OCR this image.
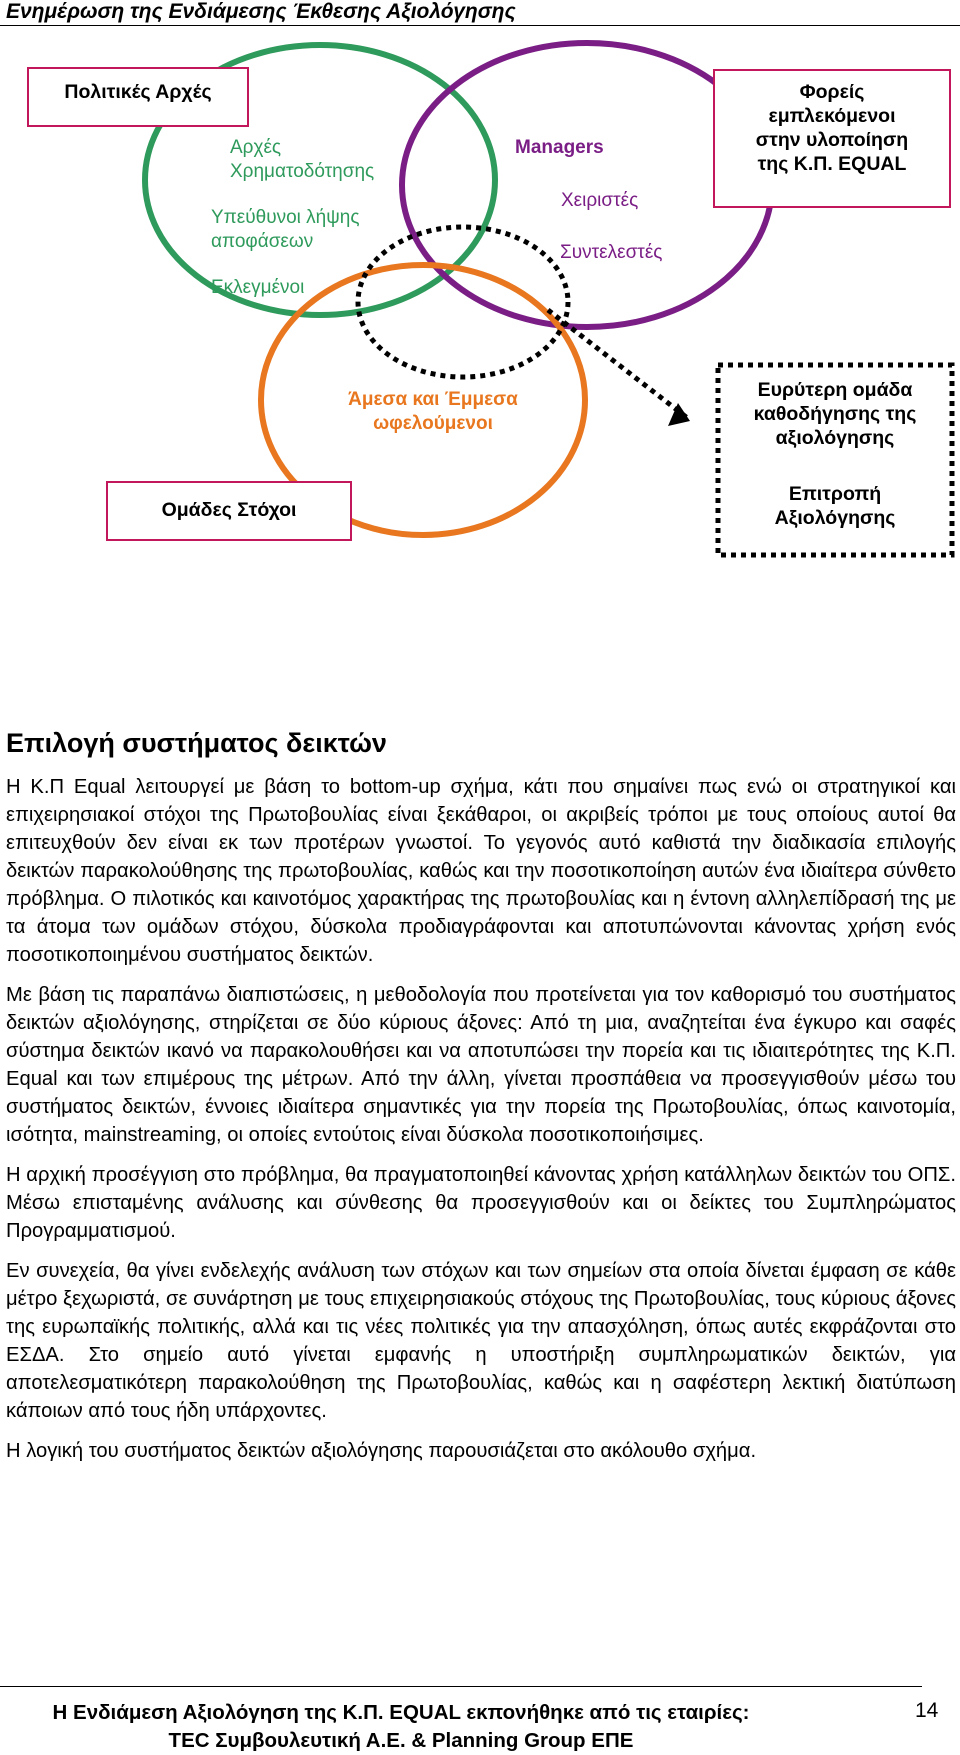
Ενημέρωση της Ενδιάμεσης Έκθεσης Αξιολόγησης
Πολιτικές Αρχές	Φορείς
εμπλεκόμενοι
στην υλοποίηση
της Κ.Π. EQUAL
Ομάδες Στόχοι
Ευρύτερη ομάδα
καθοδήγησης της
αξιολόγησης
Επιτροπή
Αξιολόγησης
Αρχές
Χρηματοδότησης
Υπεύθυνοι λήψης
αποφάσεων
Εκλεγμένοι
Managers
Χειριστές
Συντελεστές
Άμεσα και Έμμεσα
ωφελούμενοι
Επιλογή συστήματος δεικτών

Η Κ.Π Equal λειτουργεί με βάση το bottom-up σχήμα, κάτι που σημαίνει πως ενώ οι στρατηγικοί και επιχειρησιακοί στόχοι της Πρωτοβουλίας είναι ξεκάθαροι, οι ακριβείς τρόποι με τους οποίους αυτοί θα επιτευχθούν δεν είναι εκ των προτέρων γνωστοί. Το γεγονός αυτό καθιστά την διαδικασία επιλογής δεικτών παρακολούθησης της πρωτοβουλίας, καθώς και την ποσοτικοποίηση αυτών ένα ιδιαίτερα σύνθετο πρόβλημα. Ο πιλοτικός και καινοτόμος χαρακτήρας της πρωτοβουλίας και η έντονη αλληλεπίδρασή της με τα άτομα των ομάδων στόχου, δύσκολα προδιαγράφονται και αποτυπώνονται κάνοντας χρήση ενός ποσοτικοποιημένου συστήματος δεικτών.

Με βάση τις παραπάνω διαπιστώσεις, η μεθοδολογία που προτείνεται για τον καθορισμό του συστήματος δεικτών αξιολόγησης, στηρίζεται σε δύο κύριους άξονες: Από τη μια, αναζητείται ένα έγκυρο και σαφές σύστημα δεικτών ικανό να παρακολουθήσει και να αποτυπώσει την πορεία και τις ιδιαιτερότητες της Κ.Π. Equal και των επιμέρους της μέτρων. Από την άλλη, γίνεται προσπάθεια να προσεγγισθούν μέσω του συστήματος δεικτών, έννοιες ιδιαίτερα σημαντικές για την πορεία της Πρωτοβουλίας, όπως καινοτομία, ισότητα, mainstreaming, οι οποίες εντούτοις είναι δύσκολα ποσοτικοποιήσιμες.

Η αρχική προσέγγιση στο πρόβλημα, θα πραγματοποιηθεί κάνοντας χρήση κατάλληλων δεικτών του ΟΠΣ. Μέσω επισταμένης ανάλυσης και σύνθεσης θα προσεγγισθούν και οι δείκτες του Συμπληρώματος Προγραμματισμού.

Εν συνεχεία, θα γίνει ενδελεχής ανάλυση των στόχων και των σημείων στα οποία δίνεται έμφαση σε κάθε μέτρο ξεχωριστά, σε συνάρτηση με τους επιχειρησιακούς στόχους της Πρωτοβουλίας, τους κύριους άξονες της ευρωπαϊκής πολιτικής, αλλά και τις νέες πολιτικές για την απασχόληση, όπως αυτές εκφράζονται στο ΕΣΔΑ. Στο σημείο αυτό γίνεται εμφανής η υποστήριξη συμπληρωματικών δεικτών, για αποτελεσματικότερη παρακολούθηση της Πρωτοβουλίας, καθώς και η σαφέστερη λεκτική διατύπωση κάποιων από τους ήδη υπάρχοντες.

Η λογική του συστήματος δεικτών αξιολόγησης παρουσιάζεται στο ακόλουθο σχήμα.

Η Ενδιάμεση Αξιολόγηση της Κ.Π. EQUAL εκπονήθηκε από τις εταιρίες:
TEC Συμβουλευτική Α.Ε. & Planning Group ΕΠΕ
14
